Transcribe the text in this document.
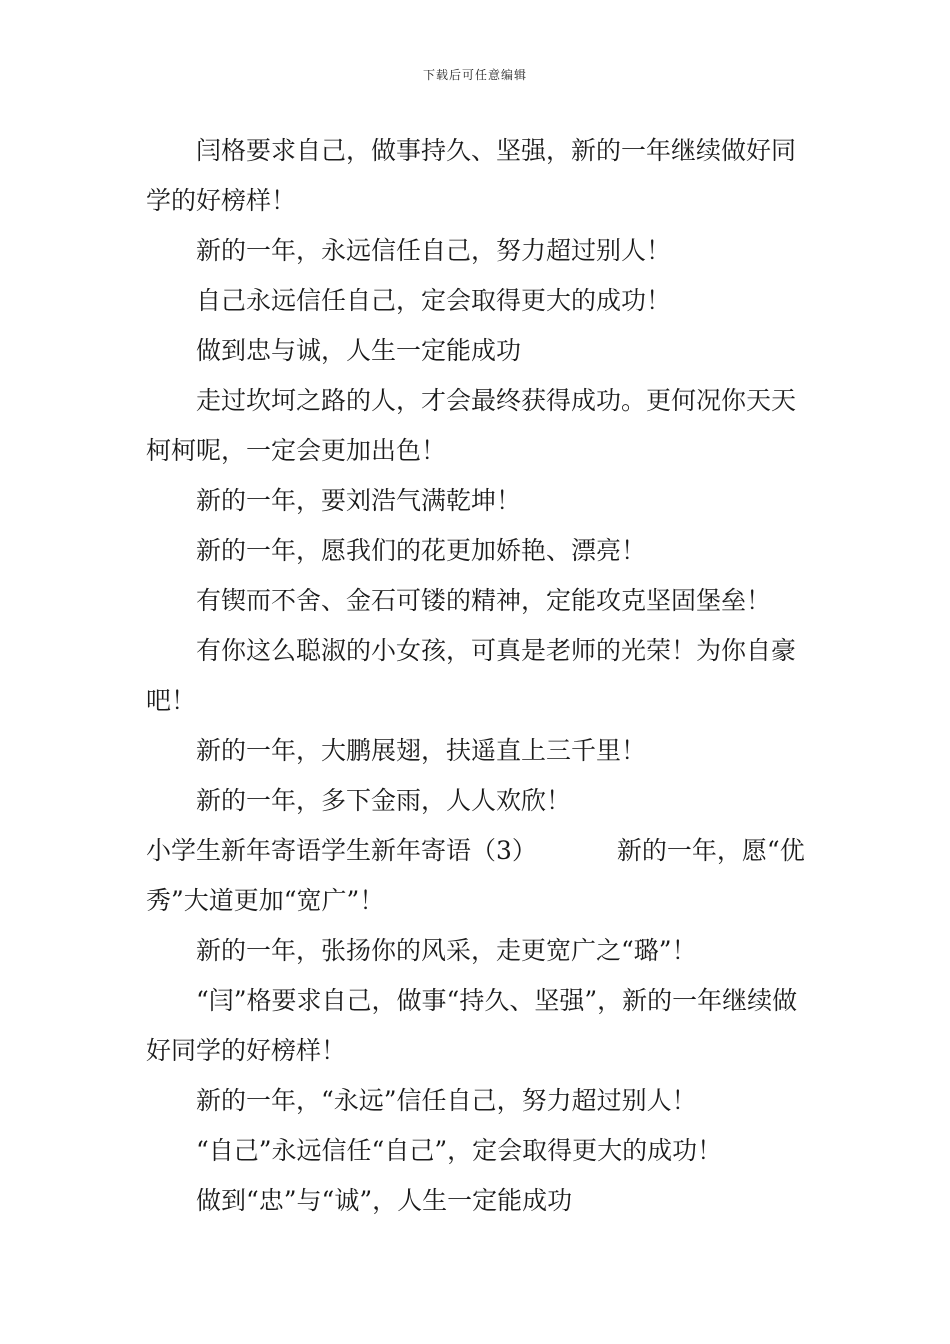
下载后可任意编辑

闫格要求自己，做事持久、坚强，新的一年继续做好同学的好榜样！

新的一年，永远信任自己，努力超过别人！

自己永远信任自己，定会取得更大的成功！

做到忠与诚，人生一定能成功

走过坎坷之路的人，才会最终获得成功。更何况你天天柯柯呢，一定会更加出色！

新的一年，要刘浩气满乾坤！

新的一年，愿我们的花更加娇艳、漂亮！

有锲而不舍、金石可镂的精神，定能攻克坚固堡垒！

有你这么聪淑的小女孩，可真是老师的光荣！为你自豪吧！

新的一年，大鹏展翅，扶遥直上三千里！

新的一年，多下金雨，人人欢欣！

小学生新年寄语学生新年寄语（3）	新的一年，愿“优秀”大道更加“宽广”！

新的一年，张扬你的风采，走更宽广之“璐”！

“闫”格要求自己，做事“持久、坚强”，新的一年继续做好同学的好榜样！

新的一年，“永远”信任自己，努力超过别人！

“自己”永远信任“自己”，定会取得更大的成功！

做到“忠”与“诚”，人生一定能成功
